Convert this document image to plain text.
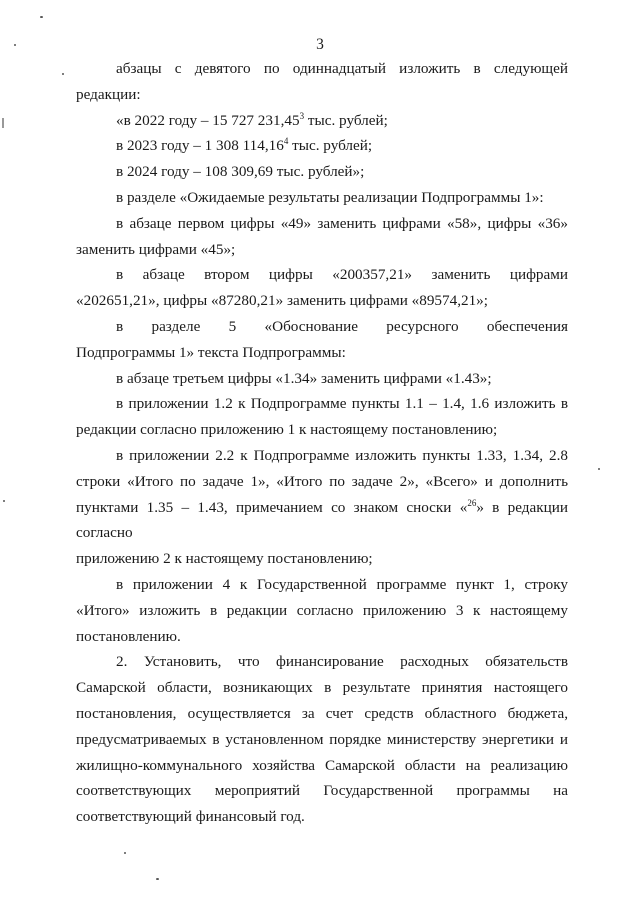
3
абзацы с девятого по одиннадцатый изложить в следующей
редакции:
«в 2022 году – 15 727 231,45$^3$ тыс. рублей;
в 2023 году – 1 308 114,16$^4$ тыс. рублей;
в 2024 году – 108 309,69 тыс. рублей»;
в разделе «Ожидаемые результаты реализации Подпрограммы 1»:
в абзаце первом цифры «49» заменить цифрами «58», цифры «36»
заменить цифрами «45»;
в абзаце втором цифры «200357,21» заменить цифрами
«202651,21», цифры «87280,21» заменить цифрами «89574,21»;
в разделе 5 «Обоснование ресурсного обеспечения
Подпрограммы 1» текста Подпрограммы:
в абзаце третьем цифры «1.34» заменить цифрами «1.43»;
в приложении 1.2 к Подпрограмме пункты 1.1 – 1.4, 1.6 изложить в
редакции согласно приложению 1 к настоящему постановлению;
в приложении 2.2 к Подпрограмме изложить пункты 1.33, 1.34, 2.8
строки «Итого по задаче 1», «Итого по задаче 2», «Всего» и дополнить
пунктами 1.35 – 1.43, примечанием со знаком сноски «$^{26}$» в редакции согласно
приложению 2 к настоящему постановлению;
в приложении 4 к Государственной программе пункт 1, строку
«Итого» изложить в редакции согласно приложению 3 к настоящему
постановлению.
2. Установить, что финансирование расходных обязательств
Самарской области, возникающих в результате принятия настоящего
постановления, осуществляется за счет средств областного бюджета,
предусматриваемых в установленном порядке министерству энергетики и
жилищно-коммунального хозяйства Самарской области на реализацию
соответствующих мероприятий Государственной программы на
соответствующий финансовый год.
